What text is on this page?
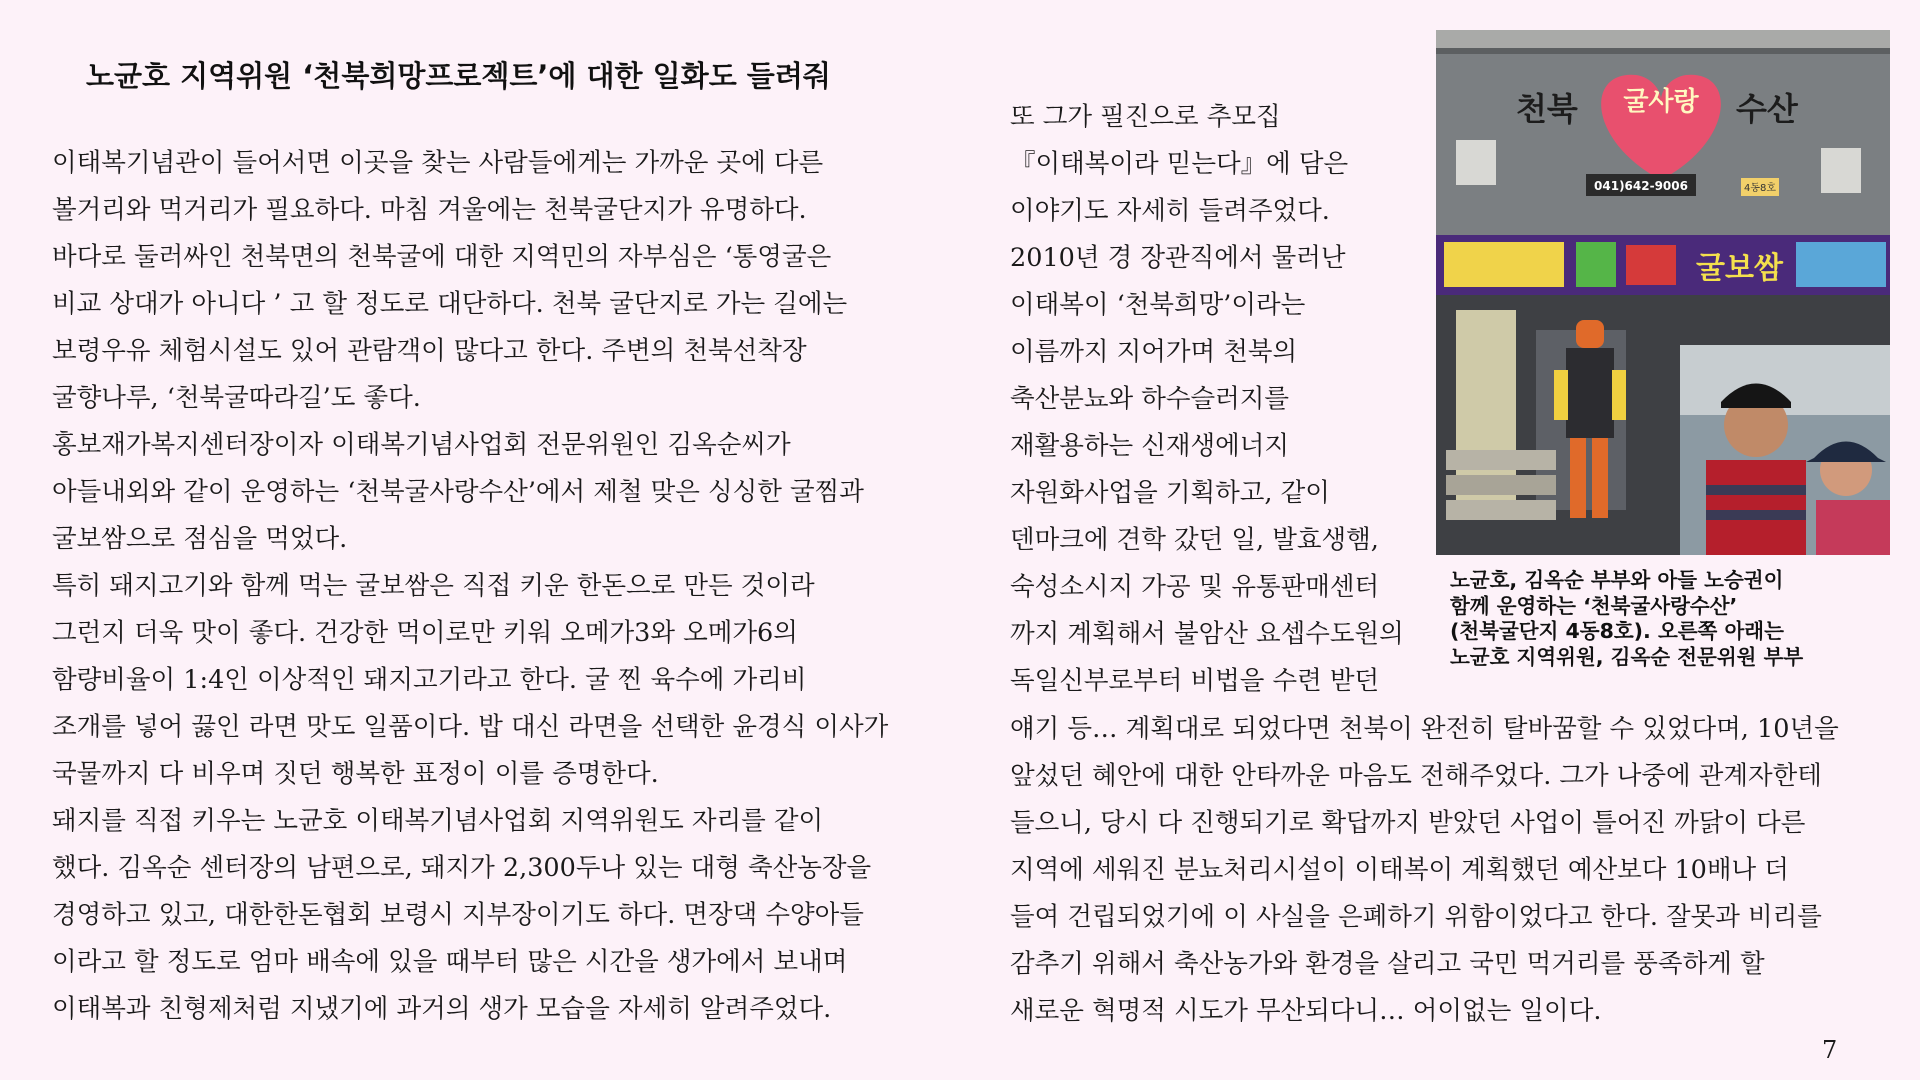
노균호 지역위원 ‘천북희망프로젝트’에 대한 일화도 들려줘
이태복기념관이 들어서면 이곳을 찾는 사람들에게는 가까운 곳에 다른
볼거리와 먹거리가 필요하다. 마침 겨울에는 천북굴단지가 유명하다.
바다로 둘러싸인 천북면의 천북굴에 대한 지역민의 자부심은 ‘통영굴은
비교 상대가 아니다 ’ 고 할 정도로 대단하다. 천북 굴단지로 가는 길에는
보령우유 체험시설도 있어 관람객이 많다고 한다. 주변의 천북선착장
굴향나루, ‘천북굴따라길’도 좋다.
홍보재가복지센터장이자 이태복기념사업회 전문위원인 김옥순씨가
아들내외와 같이 운영하는 ‘천북굴사랑수산’에서 제철 맞은 싱싱한 굴찜과
굴보쌈으로 점심을 먹었다.
특히 돼지고기와 함께 먹는 굴보쌈은 직접 키운 한돈으로 만든 것이라
그런지 더욱 맛이 좋다. 건강한 먹이로만 키워 오메가3와 오메가6의
함량비율이 1:4인 이상적인 돼지고기라고 한다. 굴 찐 육수에 가리비
조개를 넣어 끓인 라면 맛도 일품이다. 밥 대신 라면을 선택한 윤경식 이사가
국물까지 다 비우며 짓던 행복한 표정이 이를 증명한다.
돼지를 직접 키우는 노균호 이태복기념사업회 지역위원도 자리를 같이
했다. 김옥순 센터장의 남편으로, 돼지가 2,300두나 있는 대형 축산농장을
경영하고 있고, 대한한돈협회 보령시 지부장이기도 하다. 면장댁 수양아들
이라고 할 정도로 엄마 배속에 있을 때부터 많은 시간을 생가에서 보내며
이태복과 친형제처럼 지냈기에 과거의 생가 모습을 자세히 알려주었다.
또 그가 필진으로 추모집
『이태복이라 믿는다』에 담은
이야기도 자세히 들려주었다.
2010년 경 장관직에서 물러난
이태복이 ‘천북희망’이라는
이름까지 지어가며 천북의
축산분뇨와 하수슬러지를
재활용하는 신재생에너지
자원화사업을 기획하고, 같이
덴마크에 견학 갔던 일, 발효생햄,
숙성소시지 가공 및 유통판매센터
까지 계획해서 불암산 요셉수도원의
독일신부로부터 비법을 수련 받던
얘기 등… 계획대로 되었다면 천북이 완전히 탈바꿈할 수 있었다며, 10년을
앞섰던 혜안에 대한 안타까운 마음도 전해주었다. 그가 나중에 관계자한테
들으니, 당시 다 진행되기로 확답까지 받았던 사업이 틀어진 까닭이 다른
지역에 세워진 분뇨처리시설이 이태복이 계획했던 예산보다 10배나 더
들여 건립되었기에 이 사실을 은폐하기 위함이었다고 한다. 잘못과 비리를
감추기 위해서 축산농가와 환경을 살리고 국민 먹거리를 풍족하게 할
새로운 혁명적 시도가 무산되다니… 어이없는 일이다.
천북 굴사랑 수산
041)642-9006	4동8호
굴보쌈
노균호, 김옥순 부부와 아들 노승권이
함께 운영하는 ‘천북굴사랑수산’
(천북굴단지 4동8호). 오른쪽 아래는
노균호 지역위원, 김옥순 전문위원 부부
7
